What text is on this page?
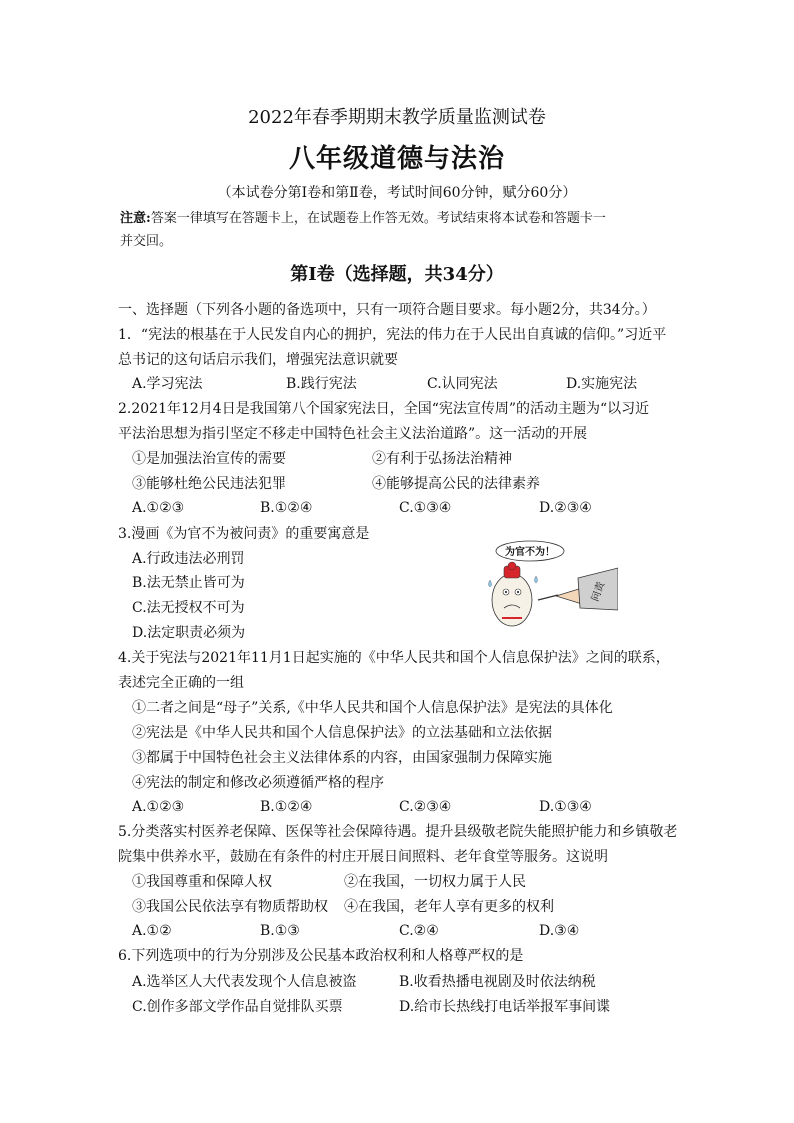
2022年春季期期末教学质量监测试卷
八年级道德与法治
（本试卷分第Ⅰ卷和第Ⅱ卷，考试时间60分钟，赋分60分）
注意:答案一律填写在答题卡上，在试题卷上作答无效。考试结束将本试卷和答题卡一
并交回。
第Ⅰ卷（选择题，共34分）
一、选择题（下列各小题的备选项中，只有一项符合题目要求。每小题2分，共34分。）
1．“宪法的根基在于人民发自内心的拥护，宪法的伟力在于人民出自真诚的信仰。”习近平
总书记的这句话启示我们，增强宪法意识就要
A.学习宪法	B.践行宪法	C.认同宪法	D.实施宪法
2.2021年12月4日是我国第八个国家宪法日，全国“宪法宣传周”的活动主题为“以习近
平法治思想为指引坚定不移走中国特色社会主义法治道路”。这一活动的开展
①是加强法治宣传的需要	②有利于弘扬法治精神
③能够杜绝公民违法犯罪	④能够提高公民的法律素养
A.①②③	B.①②④	C.①③④	D.②③④
3.漫画《为官不为被问责》的重要寓意是
A.行政违法必刑罚
B.法无禁止皆可为
C.法无授权不可为
D.法定职责必须为
为官不为！
问责
4.关于宪法与2021年11月1日起实施的《中华人民共和国个人信息保护法》之间的联系，
表述完全正确的一组
①二者之间是“母子”关系,《中华人民共和国个人信息保护法》是宪法的具体化
②宪法是《中华人民共和国个人信息保护法》的立法基础和立法依据
③都属于中国特色社会主义法律体系的内容，由国家强制力保障实施
④宪法的制定和修改必须遵循严格的程序
A.①②③	B.①②④	C.②③④	D.①③④
5.分类落实村医养老保障、医保等社会保障待遇。提升县级敬老院失能照护能力和乡镇敬老
院集中供养水平，鼓励在有条件的村庄开展日间照料、老年食堂等服务。这说明
①我国尊重和保障人权	②在我国，一切权力属于人民
③我国公民依法享有物质帮助权 ④在我国，老年人享有更多的权利
A.①②	B.①③	C.②④	D.③④
6.下列选项中的行为分别涉及公民基本政治权利和人格尊严权的是
A.选举区人大代表发现个人信息被盗	B.收看热播电视剧及时依法纳税
C.创作多部文学作品自觉排队买票	D.给市长热线打电话举报军事间谍
